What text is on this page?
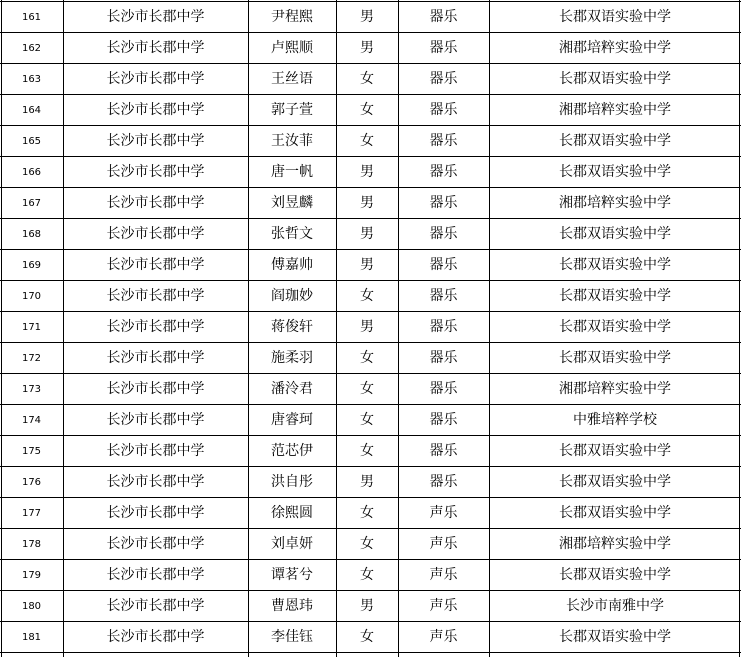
161	长沙市长郡中学	尹程熙	男	器乐	长郡双语实验中学
162	长沙市长郡中学	卢熙顺	男	器乐	湘郡培粹实验中学
163	长沙市长郡中学	王丝语	女	器乐	长郡双语实验中学
164	长沙市长郡中学	郭子萱	女	器乐	湘郡培粹实验中学
165	长沙市长郡中学	王汝菲	女	器乐	长郡双语实验中学
166	长沙市长郡中学	唐一帆	男	器乐	长郡双语实验中学
167	长沙市长郡中学	刘昱麟	男	器乐	湘郡培粹实验中学
168	长沙市长郡中学	张哲文	男	器乐	长郡双语实验中学
169	长沙市长郡中学	傅嘉帅	男	器乐	长郡双语实验中学
170	长沙市长郡中学	阎珈妙	女	器乐	长郡双语实验中学
171	长沙市长郡中学	蒋俊轩	男	器乐	长郡双语实验中学
172	长沙市长郡中学	施柔羽	女	器乐	长郡双语实验中学
173	长沙市长郡中学	潘泠君	女	器乐	湘郡培粹实验中学
174	长沙市长郡中学	唐睿珂	女	器乐	中雅培粹学校
175	长沙市长郡中学	范芯伊	女	器乐	长郡双语实验中学
176	长沙市长郡中学	洪自彤	男	器乐	长郡双语实验中学
177	长沙市长郡中学	徐熙圆	女	声乐	长郡双语实验中学
178	长沙市长郡中学	刘卓妍	女	声乐	湘郡培粹实验中学
179	长沙市长郡中学	谭茗兮	女	声乐	长郡双语实验中学
180	长沙市长郡中学	曹恩玮	男	声乐	长沙市南雅中学
181	长沙市长郡中学	李佳钰	女	声乐	长郡双语实验中学
